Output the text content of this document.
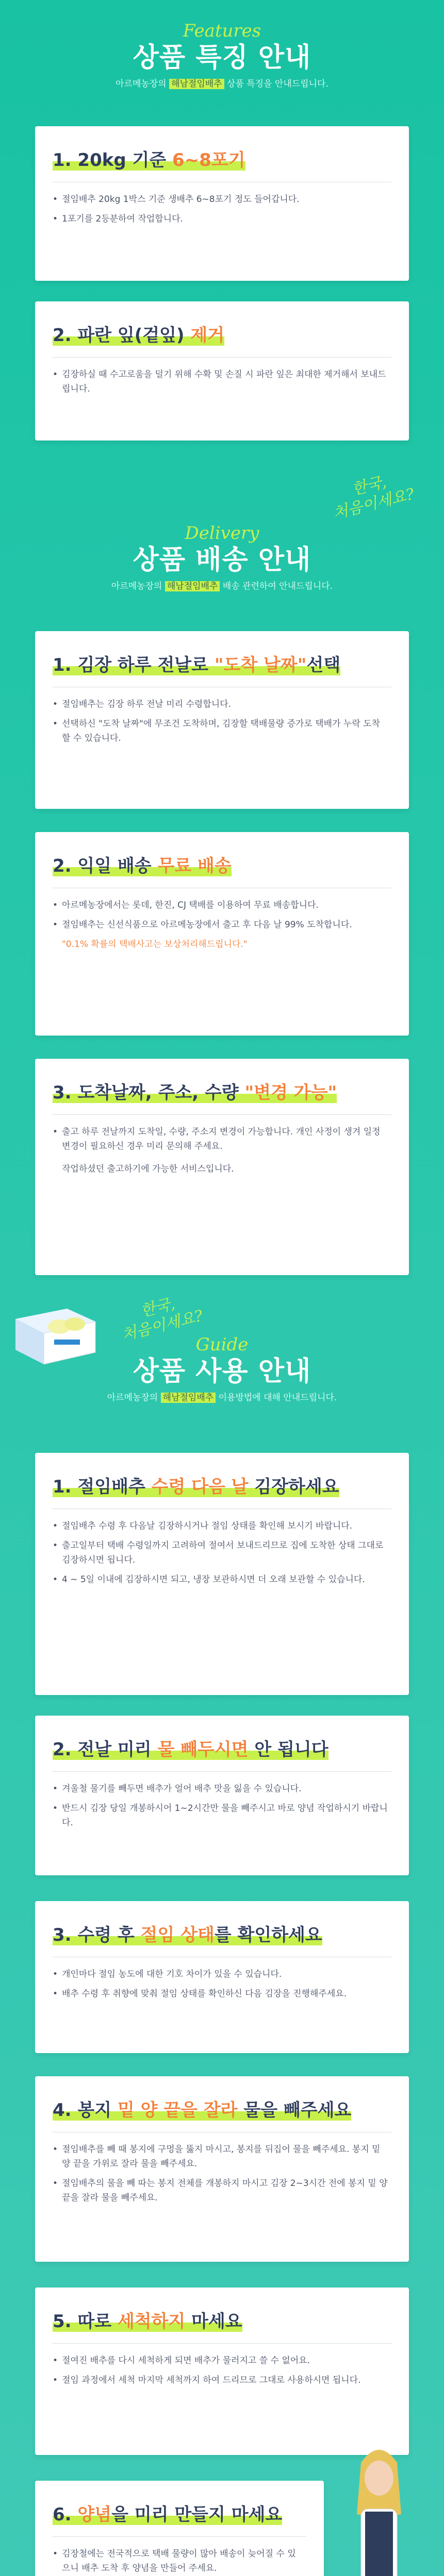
Features
상품 특징 안내
아르메농장의 해남절임배추 상품 특징을 안내드립니다.
1. 20kg 기준 6~8포기
• 절임배추 20kg 1박스 기준 생배추 6~8포기 정도 들어갑니다.
• 1포기를 2등분하여 작업합니다.
2. 파란 잎(겉잎) 제거
• 김장하실 때 수고로움을 덜기 위해 수확 및 손질 시 파란 잎은 최대한 제거해서 보내드립니다.
한국,
처음이세요?
Delivery
상품 배송 안내
아르메농장의 해남절임배추 배송 관련하여 안내드립니다.
1. 김장 하루 전날로 "도착 날짜"선택
• 절임배추는 김장 하루 전날 미리 수령합니다.
• 선택하신 "도착 날짜"에 무조건 도착하며, 김장할 택배물량 증가로 택배가 누락 도착할 수 있습니다.
2. 익일 배송 무료 배송
• 아르메농장에서는 롯데, 한진, CJ 택배를 이용하여 무료 배송합니다.
• 절임배추는 신선식품으로 아르메농장에서 출고 후 다음 날 99% 도착합니다.
"0.1% 확률의 택배사고는 보상처리해드립니다."
3. 도착날짜, 주소, 수량 "변경 가능"
• 출고 하루 전날까지 도착일, 수량, 주소지 변경이 가능합니다. 개인 사정이 생겨 일정 변경이 필요하신 경우 미리 문의해 주세요.
작업하셨던 출고하기에 가능한 서비스입니다.
한국,
처음이세요?
Guide
상품 사용 안내
아르메농장의 해남절임배추 이용방법에 대해 안내드립니다.
1. 절임배추 수령 다음 날 김장하세요
• 절임배추 수령 후 다음날 김장하시거나 절임 상태를 확인해 보시기 바랍니다.
• 출고일부터 택배 수령일까지 고려하여 절여서 보내드리므로 집에 도착한 상태 그대로 김장하시면 됩니다.
• 4 ~ 5일 이내에 김장하시면 되고, 냉장 보관하시면 더 오래 보관할 수 있습니다.
2. 전날 미리 물 빼두시면 안 됩니다
• 겨울철 물기를 빼두면 배추가 얼어 배추 맛을 잃을 수 있습니다.
• 반드시 김장 당일 개봉하시어 1~2시간만 물을 빼주시고 바로 양념 작업하시기 바랍니다.
3. 수령 후 절임 상태를 확인하세요
• 개인마다 절임 농도에 대한 기호 차이가 있을 수 있습니다.
• 배추 수령 후 취향에 맞춰 절임 상태를 확인하신 다음 김장을 진행해주세요.
4. 봉지 밑 양 끝을 잘라 물을 빼주세요
• 절임배추를 빼 때 봉지에 구멍을 뚫지 마시고, 봉지를 뒤집어 물을 빼주세요. 봉지 밑 양 끝을 가위로 잘라 물을 빼주세요.
• 절임배추의 물을 빼 따는 봉지 전체를 개봉하지 마시고 김장 2~3시간 전에 봉지 밑 양 끝을 잘라 물을 빼주세요.
5. 따로 세척하지 마세요
• 절여진 배추를 다시 세척하게 되면 배추가 물러지고 쓸 수 없어요.
• 절임 과정에서 세척 마지막 세척까지 하여 드리므로 그대로 사용하시면 됩니다.
6. 양념을 미리 만들지 마세요
• 김장철에는 전국적으로 택배 물량이 많아 배송이 늦어질 수 있으니 배추 도착 후 양념을 만들어 주세요.
